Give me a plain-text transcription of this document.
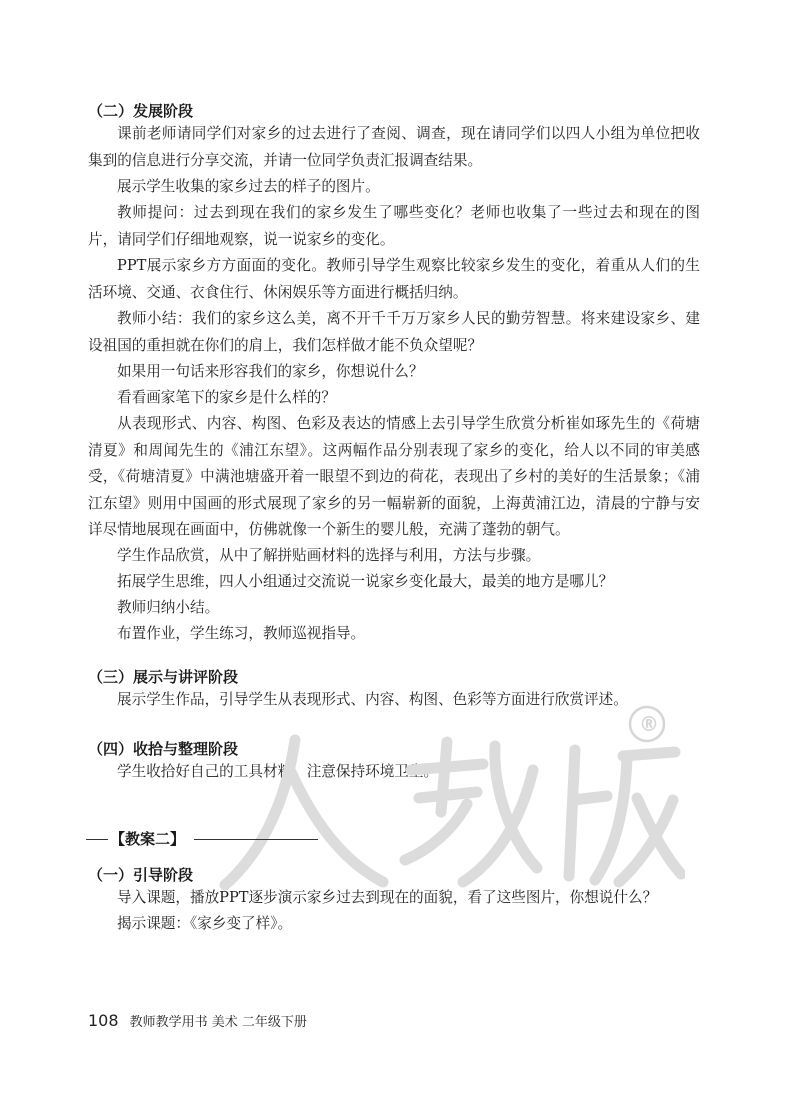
（二）发展阶段
课前老师请同学们对家乡的过去进行了查阅、调查，现在请同学们以四人小组为单位把收集到的信息进行分享交流，并请一位同学负责汇报调查结果。
展示学生收集的家乡过去的样子的图片。
教师提问：过去到现在我们的家乡发生了哪些变化？老师也收集了一些过去和现在的图片，请同学们仔细地观察，说一说家乡的变化。
PPT展示家乡方方面面的变化。教师引导学生观察比较家乡发生的变化，着重从人们的生活环境、交通、衣食住行、休闲娱乐等方面进行概括归纳。
教师小结：我们的家乡这么美，离不开千千万万家乡人民的勤劳智慧。将来建设家乡、建设祖国的重担就在你们的肩上，我们怎样做才能不负众望呢？
如果用一句话来形容我们的家乡，你想说什么？
看看画家笔下的家乡是什么样的？
从表现形式、内容、构图、色彩及表达的情感上去引导学生欣赏分析崔如琢先生的《荷塘清夏》和周闻先生的《浦江东望》。这两幅作品分别表现了家乡的变化，给人以不同的审美感受，《荷塘清夏》中满池塘盛开着一眼望不到边的荷花，表现出了乡村的美好的生活景象；《浦江东望》则用中国画的形式展现了家乡的另一幅崭新的面貌，上海黄浦江边，清晨的宁静与安详尽情地展现在画面中，仿佛就像一个新生的婴儿般，充满了蓬勃的朝气。
学生作品欣赏，从中了解拼贴画材料的选择与利用，方法与步骤。
拓展学生思维，四人小组通过交流说一说家乡变化最大，最美的地方是哪儿？
教师归纳小结。
布置作业，学生练习，教师巡视指导。
（三）展示与讲评阶段
展示学生作品，引导学生从表现形式、内容、构图、色彩等方面进行欣赏评述。
（四）收拾与整理阶段
学生收拾好自己的工具材料，注意保持环境卫生。
®
【教案二】
（一）引导阶段
导入课题，播放PPT逐步演示家乡过去到现在的面貌，看了这些图片，你想说什么？
揭示课题：《家乡变了样》。
108 教师教学用书 美术 二年级下册
